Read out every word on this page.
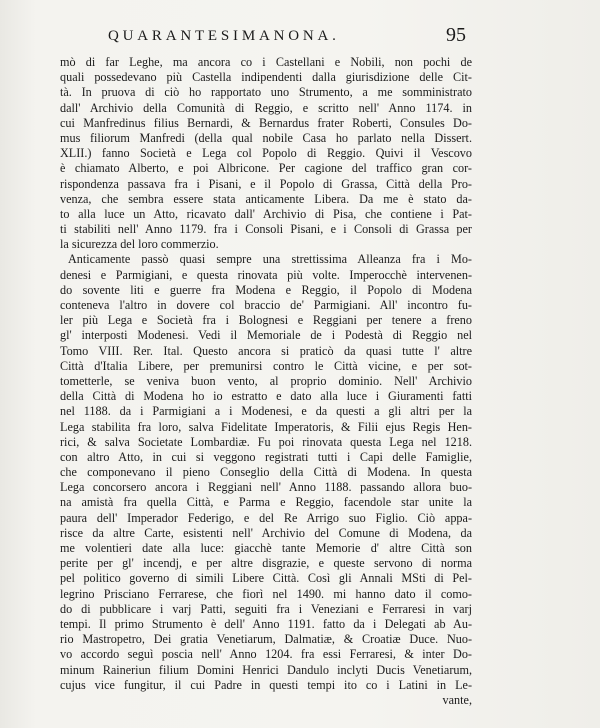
QUARANTESIMANONA.	95
mò di far Leghe, ma ancora co i Castellani e Nobili, non pochi de
quali possedevano più Castella indipendenti dalla giurisdizione delle Cit-
tà. In pruova di ciò ho rapportato uno Strumento, a me somministrato
dall' Archivio della Comunità di Reggio, e scritto nell' Anno 1174. in
cui Manfredinus filius Bernardi, & Bernardus frater Roberti, Consules Do-
mus filiorum Manfredi (della qual nobile Casa ho parlato nella Dissert.
XLII.) fanno Società e Lega col Popolo di Reggio. Quivi il Vescovo
è chiamato Alberto, e poi Albricone. Per cagione del traffico gran cor-
rispondenza passava fra i Pisani, e il Popolo di Grassa, Città della Pro-
venza, che sembra essere stata anticamente Libera. Da me è stato da-
to alla luce un Atto, ricavato dall' Archivio di Pisa, che contiene i Pat-
ti stabiliti nell' Anno 1179. fra i Consoli Pisani, e i Consoli di Grassa per
la sicurezza del loro commerzio.
Anticamente passò quasi sempre una strettissima Alleanza fra i Mo-
denesi e Parmigiani, e questa rinovata più volte. Imperocchè intervenen-
do sovente liti e guerre fra Modena e Reggio, il Popolo di Modena
conteneva l'altro in dovere col braccio de' Parmigiani. All' incontro fu-
ler più Lega e Società fra i Bolognesi e Reggiani per tenere a freno
gl' interposti Modenesi. Vedi il Memoriale de i Podestà di Reggio nel
Tomo VIII. Rer. Ital. Questo ancora si praticò da quasi tutte l' altre
Città d'Italia Libere, per premunirsi contro le Città vicine, e per sot-
tometterle, se veniva buon vento, al proprio dominio. Nell' Archivio
della Città di Modena ho io estratto e dato alla luce i Giuramenti fatti
nel 1188. da i Parmigiani a i Modenesi, e da questi a gli altri per la
Lega stabilita fra loro, salva Fidelitate Imperatoris, & Filii ejus Regis Hen-
rici, & salva Societate Lombardiæ. Fu poi rinovata questa Lega nel 1218.
con altro Atto, in cui si veggono registrati tutti i Capi delle Famiglie,
che componevano il pieno Conseglio della Città di Modena. In questa
Lega concorsero ancora i Reggiani nell' Anno 1188. passando allora buo-
na amistà fra quella Città, e Parma e Reggio, facendole star unite la
paura dell' Imperador Federigo, e del Re Arrigo suo Figlio. Ciò appa-
risce da altre Carte, esistenti nell' Archivio del Comune di Modena, da
me volentieri date alla luce: giacchè tante Memorie d' altre Città son
perite per gl' incendj, e per altre disgrazie, e queste servono di norma
pel politico governo di simili Libere Città. Così gli Annali MSti di Pel-
legrino Prisciano Ferrarese, che fiorì nel 1490. mi hanno dato il como-
do di pubblicare i varj Patti, seguiti fra i Veneziani e Ferraresi in varj
tempi. Il primo Strumento è dell' Anno 1191. fatto da i Delegati ab Au-
rio Mastropetro, Dei gratia Venetiarum, Dalmatiæ, & Croatiæ Duce. Nuo-
vo accordo seguì poscia nell' Anno 1204. fra essi Ferraresi, & inter Do-
minum Raineriun filium Domini Henrici Dandulo inclyti Ducis Venetiarum,
cujus vice fungitur, il cui Padre in questi tempi ito co i Latini in Le-
vante,
